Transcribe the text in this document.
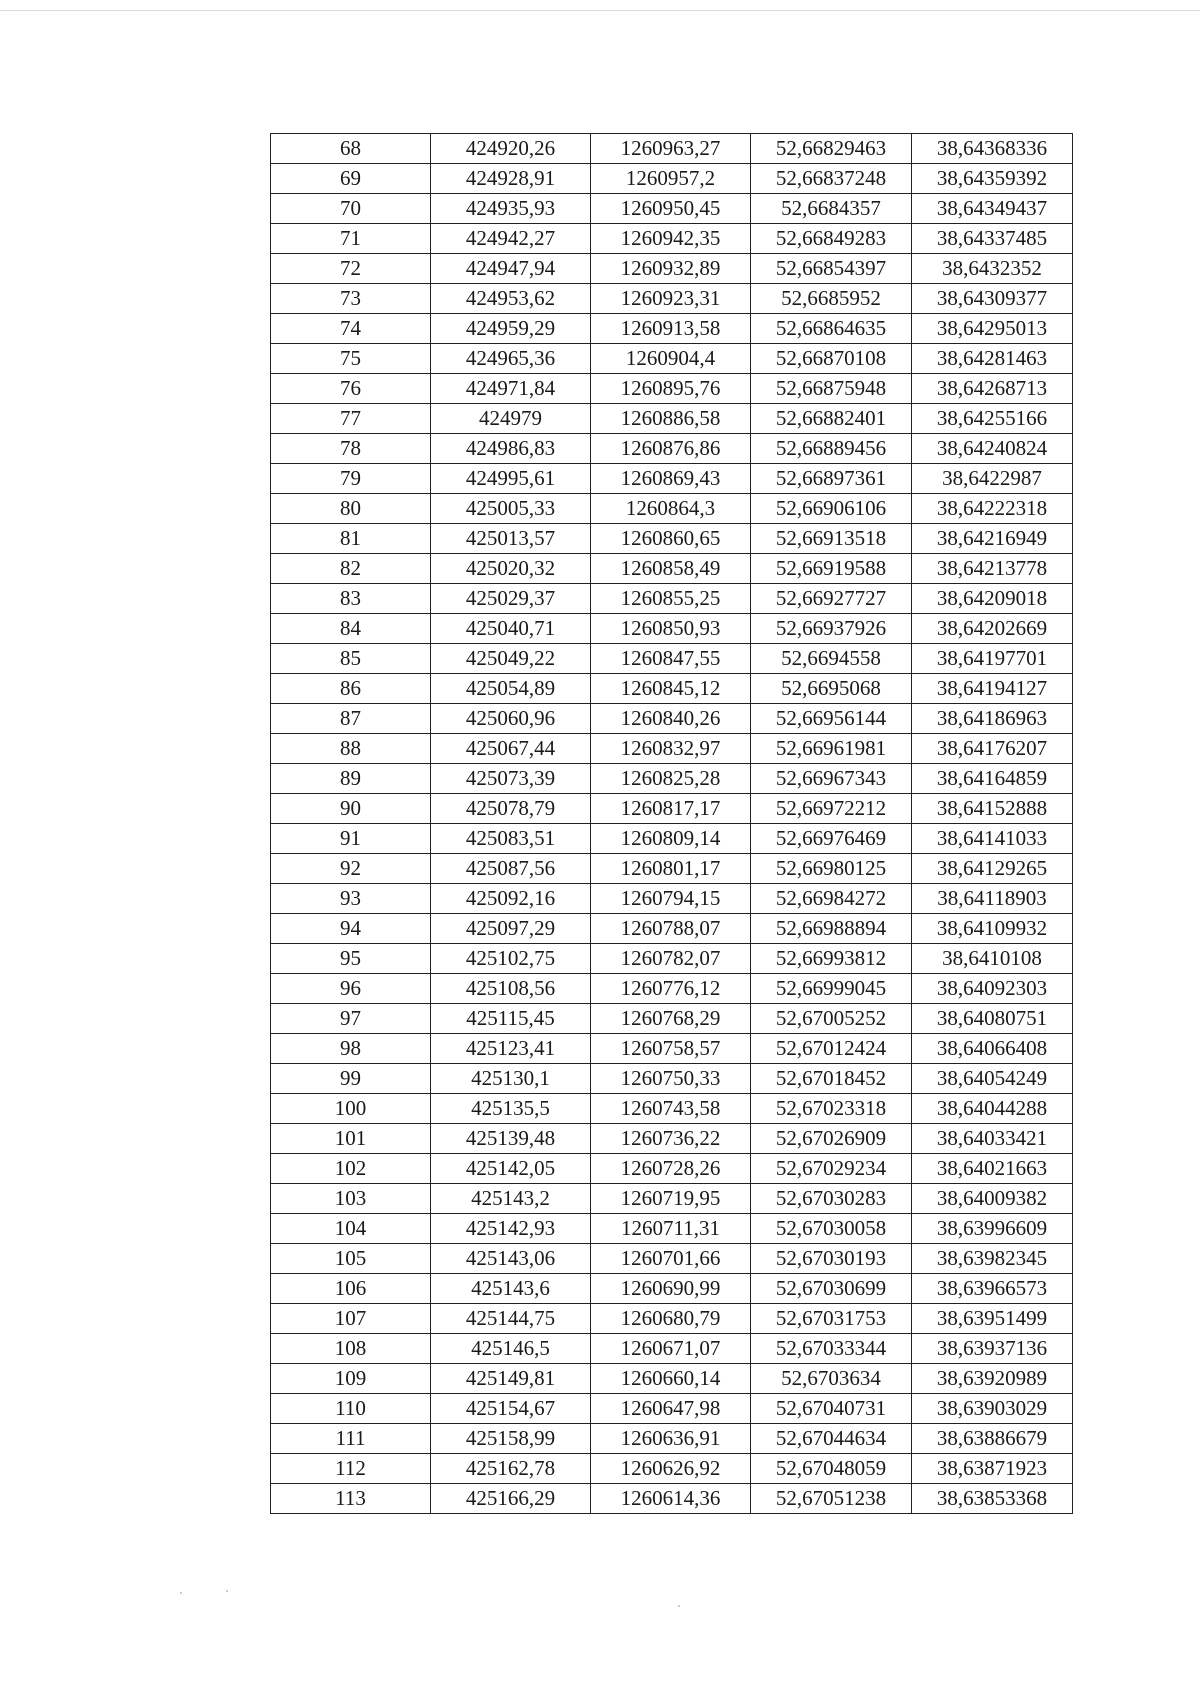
68	424920,26	1260963,27	52,66829463	38,64368336
69	424928,91	1260957,2	52,66837248	38,64359392
70	424935,93	1260950,45	52,6684357	38,64349437
71	424942,27	1260942,35	52,66849283	38,64337485
72	424947,94	1260932,89	52,66854397	38,6432352
73	424953,62	1260923,31	52,6685952	38,64309377
74	424959,29	1260913,58	52,66864635	38,64295013
75	424965,36	1260904,4	52,66870108	38,64281463
76	424971,84	1260895,76	52,66875948	38,64268713
77	424979	1260886,58	52,66882401	38,64255166
78	424986,83	1260876,86	52,66889456	38,64240824
79	424995,61	1260869,43	52,66897361	38,6422987
80	425005,33	1260864,3	52,66906106	38,64222318
81	425013,57	1260860,65	52,66913518	38,64216949
82	425020,32	1260858,49	52,66919588	38,64213778
83	425029,37	1260855,25	52,66927727	38,64209018
84	425040,71	1260850,93	52,66937926	38,64202669
85	425049,22	1260847,55	52,6694558	38,64197701
86	425054,89	1260845,12	52,6695068	38,64194127
87	425060,96	1260840,26	52,66956144	38,64186963
88	425067,44	1260832,97	52,66961981	38,64176207
89	425073,39	1260825,28	52,66967343	38,64164859
90	425078,79	1260817,17	52,66972212	38,64152888
91	425083,51	1260809,14	52,66976469	38,64141033
92	425087,56	1260801,17	52,66980125	38,64129265
93	425092,16	1260794,15	52,66984272	38,64118903
94	425097,29	1260788,07	52,66988894	38,64109932
95	425102,75	1260782,07	52,66993812	38,6410108
96	425108,56	1260776,12	52,66999045	38,64092303
97	425115,45	1260768,29	52,67005252	38,64080751
98	425123,41	1260758,57	52,67012424	38,64066408
99	425130,1	1260750,33	52,67018452	38,64054249
100	425135,5	1260743,58	52,67023318	38,64044288
101	425139,48	1260736,22	52,67026909	38,64033421
102	425142,05	1260728,26	52,67029234	38,64021663
103	425143,2	1260719,95	52,67030283	38,64009382
104	425142,93	1260711,31	52,67030058	38,63996609
105	425143,06	1260701,66	52,67030193	38,63982345
106	425143,6	1260690,99	52,67030699	38,63966573
107	425144,75	1260680,79	52,67031753	38,63951499
108	425146,5	1260671,07	52,67033344	38,63937136
109	425149,81	1260660,14	52,6703634	38,63920989
110	425154,67	1260647,98	52,67040731	38,63903029
111	425158,99	1260636,91	52,67044634	38,63886679
112	425162,78	1260626,92	52,67048059	38,63871923
113	425166,29	1260614,36	52,67051238	38,63853368
